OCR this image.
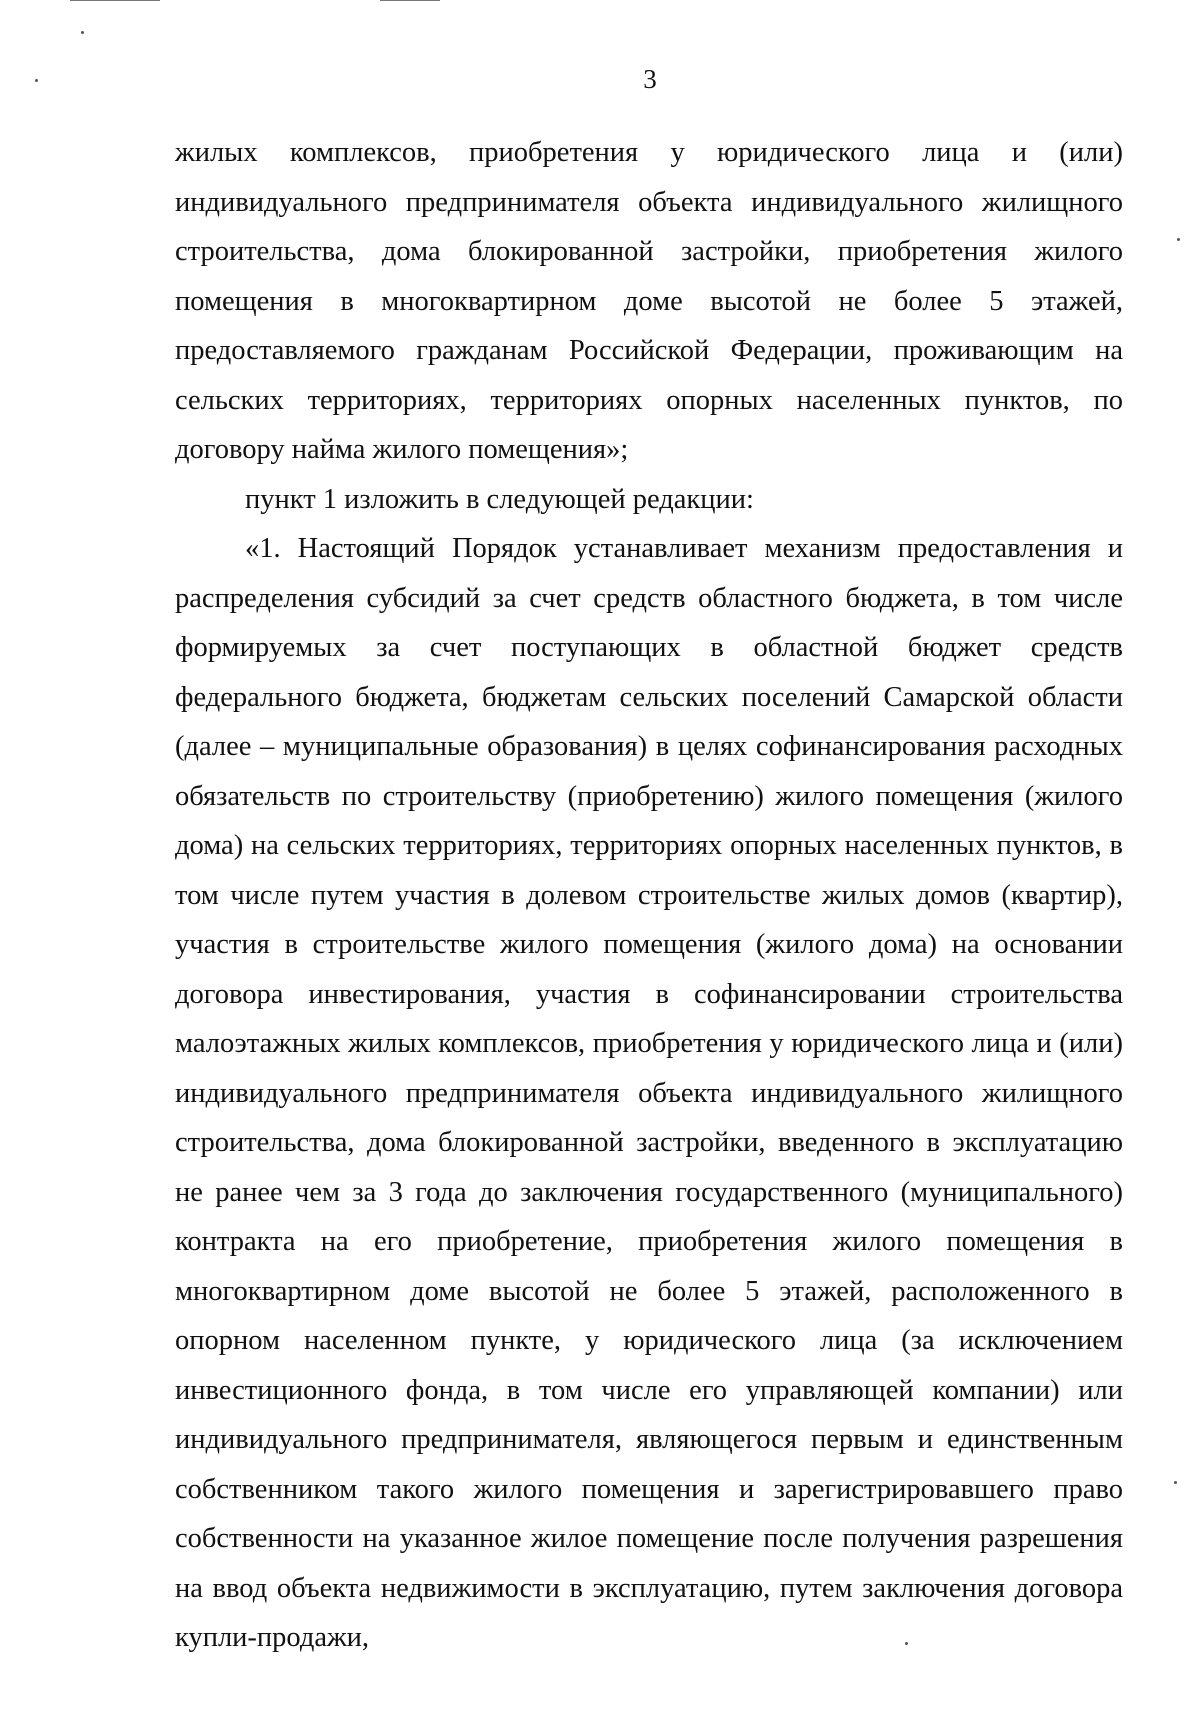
3

жилых комплексов, приобретения у юридического лица и (или) индивидуального предпринимателя объекта индивидуального жилищного строительства, дома блокированной застройки, приобретения жилого помещения в многоквартирном доме высотой не более 5 этажей, предоставляемого гражданам Российской Федерации, проживающим на сельских территориях, территориях опорных населенных пунктов, по договору найма жилого помещения»;

пункт 1 изложить в следующей редакции:

«1. Настоящий Порядок устанавливает механизм предоставления и распределения субсидий за счет средств областного бюджета, в том числе формируемых за счет поступающих в областной бюджет средств федерального бюджета, бюджетам сельских поселений Самарской области (далее – муниципальные образования) в целях софинансирования расходных обязательств по строительству (приобретению) жилого помещения (жилого дома) на сельских территориях, территориях опорных населенных пунктов, в том числе путем участия в долевом строительстве жилых домов (квартир), участия в строительстве жилого помещения (жилого дома) на основании договора инвестирования, участия в софинансировании строительства малоэтажных жилых комплексов, приобретения у юридического лица и (или) индивидуального предпринимателя объекта индивидуального жилищного строительства, дома блокированной застройки, введенного в эксплуатацию не ранее чем за 3 года до заключения государственного (муниципального) контракта на его приобретение, приобретения жилого помещения в многоквартирном доме высотой не более 5 этажей, расположенного в опорном населенном пункте, у юридического лица (за исключением инвестиционного фонда, в том числе его управляющей компании) или индивидуального предпринимателя, являющегося первым и единственным собственником такого жилого помещения и зарегистрировавшего право собственности на указанное жилое помещение после получения разрешения на ввод объекта недвижимости в эксплуатацию, путем заключения договора купли-продажи,
